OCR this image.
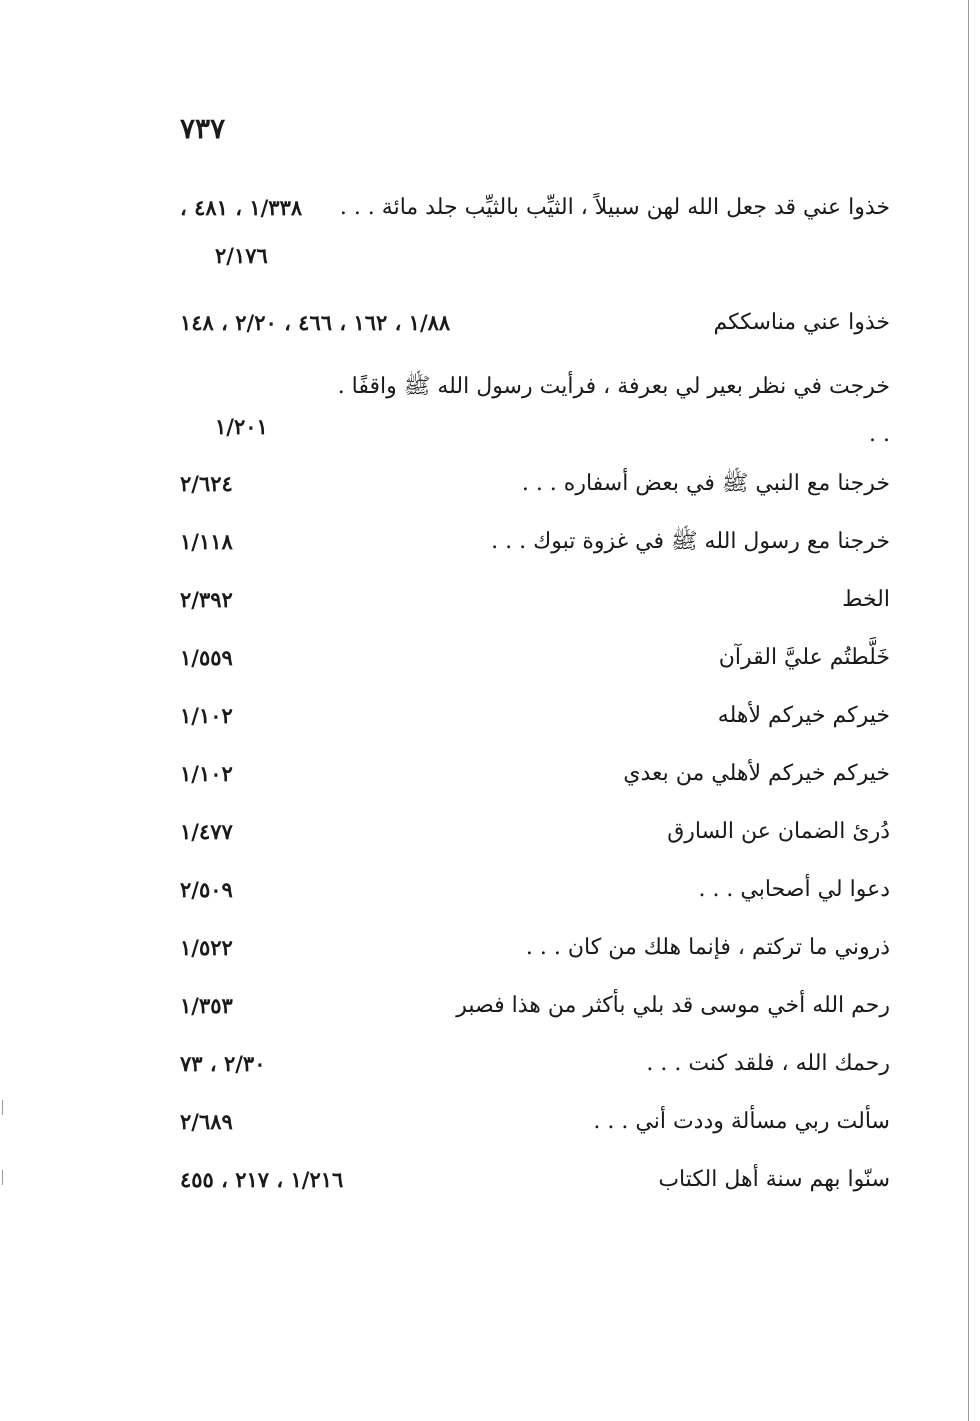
٧٣٧
خذوا عني قد جعل الله لهن سبيلاً ، الثيِّب بالثيِّب جلد مائة . . .
١/٣٣٨ ، ٤٨١ ،
٢/١٧٦
خذوا عني مناسككم
١/٨٨ ، ١٦٢ ، ٤٦٦ ، ٢/٢٠ ، ١٤٨
خرجت في نظر بعير لي بعرفة ، فرأيت رسول الله ﷺ واقفًا . . .
١/٢٠١
خرجنا مع النبي ﷺ في بعض أسفاره . . .
٢/٦٢٤
خرجنا مع رسول الله ﷺ في غزوة تبوك . . .
١/١١٨
الخط
٢/٣٩٢
خَلَّطتُم عليَّ القرآن
١/٥٥٩
خيركم خيركم لأهله
١/١٠٢
خيركم خيركم لأهلي من بعدي
١/١٠٢
دُرئ الضمان عن السارق
١/٤٧٧
دعوا لي أصحابي . . .
٢/٥٠٩
ذروني ما تركتم ، فإنما هلك من كان . . .
١/٥٢٢
رحم الله أخي موسى قد بلي بأكثر من هذا فصبر
١/٣٥٣
رحمك الله ، فلقد كنت . . .
٢/٣٠ ، ٧٣
سألت ربي مسألة وددت أني . . .
٢/٦٨٩
سنّوا بهم سنة أهل الكتاب
١/٢١٦ ، ٢١٧ ، ٤٥٥
